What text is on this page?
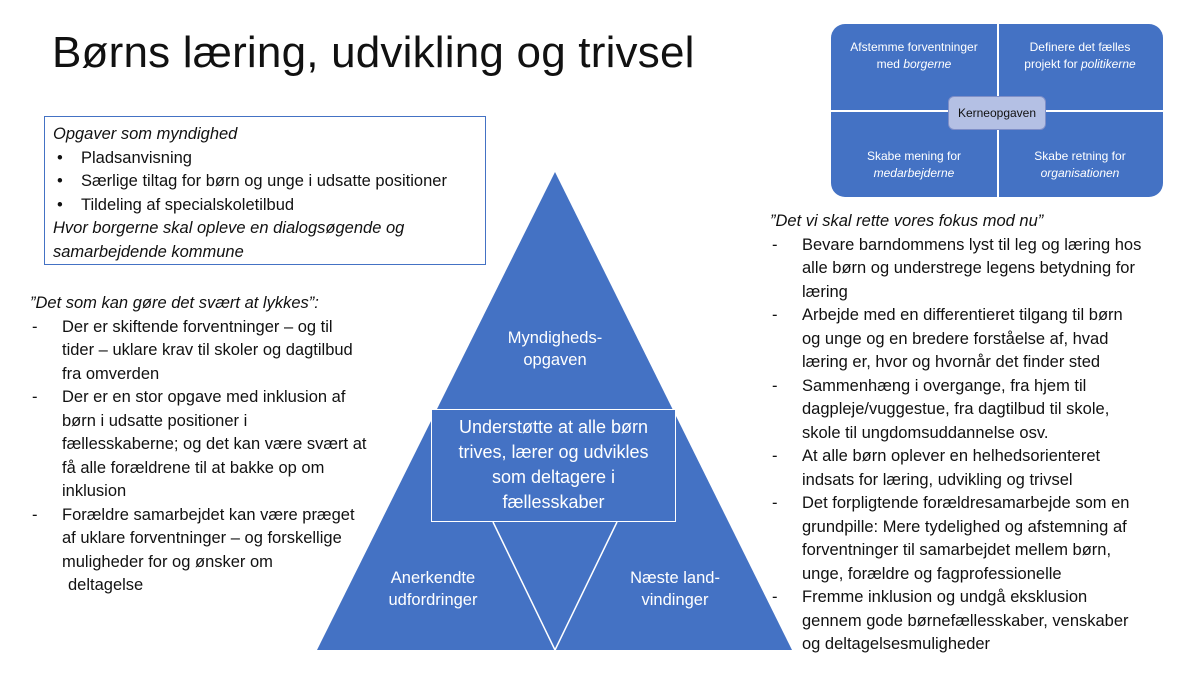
Børns læring, udvikling og trivsel
Opgaver som myndighed
• Pladsanvisning
• Særlige tiltag for børn og unge i udsatte positioner
• Tildeling af specialskoletilbud
Hvor borgerne skal opleve en dialogsøgende og
samarbejdende kommune
”Det som kan gøre det svært at lykkes”:
- Der er skiftende forventninger – og til
tider – uklare krav til skoler og dagtilbud
fra omverden
- Der er en stor opgave med inklusion af
børn i udsatte positioner i
fællesskaberne; og det kan være svært at
få alle forældrene til at bakke op om
inklusion
- Forældre samarbejdet kan være præget
af uklare forventninger – og forskellige
muligheder for og ønsker om
deltagelse
”Det vi skal rette vores fokus mod nu”
- Bevare barndommens lyst til leg og læring hos
alle børn og understrege legens betydning for
læring
- Arbejde med en differentieret tilgang til børn
og unge og en bredere forståelse af, hvad
læring er, hvor og hvornår det finder sted
- Sammenhæng i overgange, fra hjem til
dagpleje/vuggestue, fra dagtilbud til skole,
skole til ungdomsuddannelse osv.
- At alle børn oplever en helhedsorienteret
indsats for læring, udvikling og trivsel
- Det forpligtende forældresamarbejde som en
grundpille: Mere tydelighed og afstemning af
forventninger til samarbejdet mellem børn,
unge, forældre og fagprofessionelle
- Fremme inklusion og undgå eksklusion
gennem gode børnefællesskaber, venskaber
og deltagelsesmuligheder
Afstemme forventninger
med borgerne
Definere det fælles
projekt for politikerne
Skabe mening for
medarbejderne
Skabe retning for
organisationen
Kerneopgaven
Myndigheds-
opgaven
Understøtte at alle børn
trives, lærer og udvikles
som deltagere i
fællesskaber
Anerkendte
udfordringer
Næste land-
vindinger
